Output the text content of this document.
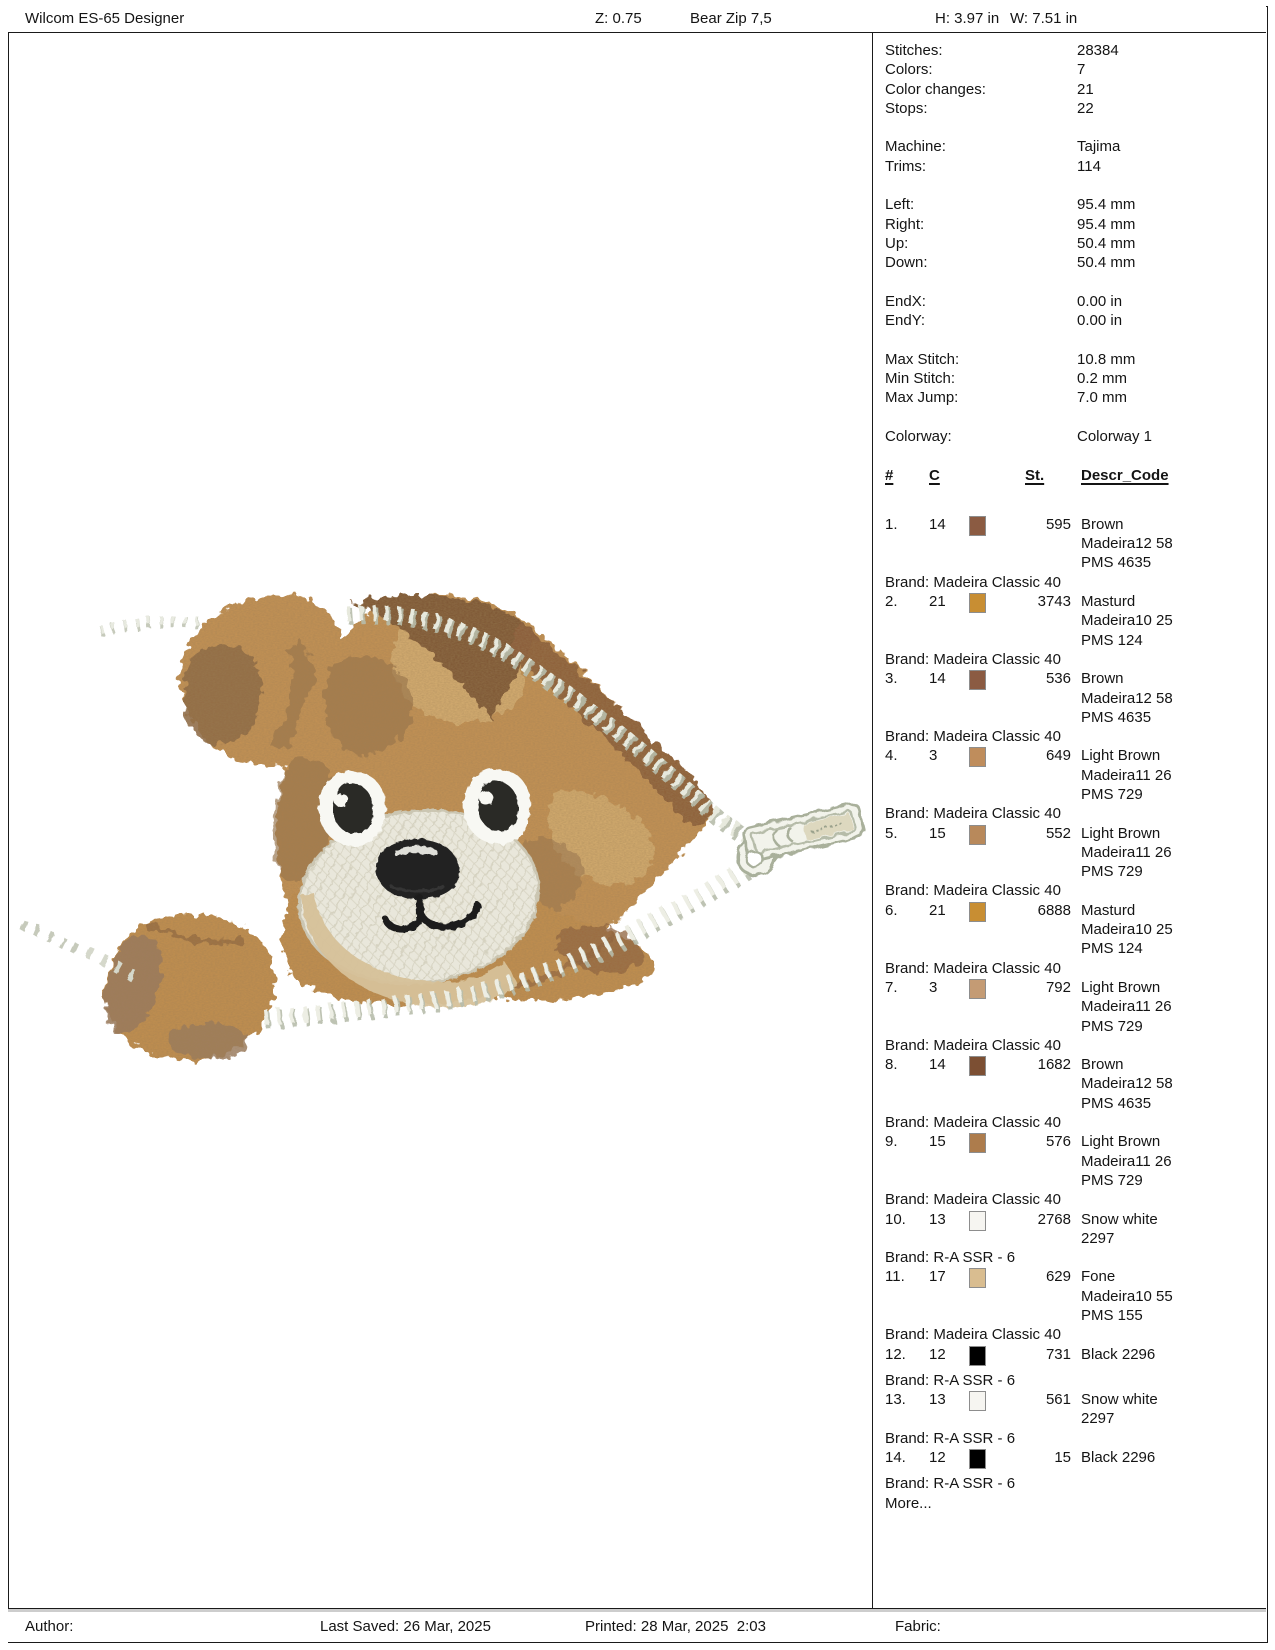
Wilcom ES-65 Designer	Z: 0.75	Bear Zip 7,5	H: 3.97 in W: 7.51 in
Stitches:	28384
Colors:	7
Color changes:	21
Stops:	22
Machine:	Tajima
Trims:	114
Left:	95.4 mm
Right:	95.4 mm
Up:	50.4 mm
Down:	50.4 mm
EndX:	0.00 in
EndY:	0.00 in
Max Stitch:	10.8 mm
Min Stitch:	0.2 mm
Max Jump:	7.0 mm
Colorway:	Colorway 1
# C	St.	Descr_Code
1.	14	595 Brown
Madeira12 58
PMS 4635
Brand: Madeira Classic 40
2.	21	3743 Masturd
Madeira10 25
PMS 124
Brand: Madeira Classic 40
3.	14	536 Brown
Madeira12 58
PMS 4635
Brand: Madeira Classic 40
4.	3	649 Light Brown
Madeira11 26
PMS 729
Brand: Madeira Classic 40
5.	15	552 Light Brown
Madeira11 26
PMS 729
Brand: Madeira Classic 40
6.	21	6888 Masturd
Madeira10 25
PMS 124
Brand: Madeira Classic 40
7.	3	792 Light Brown
Madeira11 26
PMS 729
Brand: Madeira Classic 40
8.	14	1682 Brown
Madeira12 58
PMS 4635
Brand: Madeira Classic 40
9.	15	576 Light Brown
Madeira11 26
PMS 729
Brand: Madeira Classic 40
10.	13	2768 Snow white
2297
Brand: R-A SSR - 6
11.	17	629 Fone
Madeira10 55
PMS 155
Brand: Madeira Classic 40
12.	12	731 Black 2296
Brand: R-A SSR - 6
13.	13	561 Snow white
2297
Brand: R-A SSR - 6
14.	12	15 Black 2296
Brand: R-A SSR - 6
More...
Author:	Last Saved: 26 Mar, 2025	Printed: 28 Mar, 2025  2:03	Fabric:
